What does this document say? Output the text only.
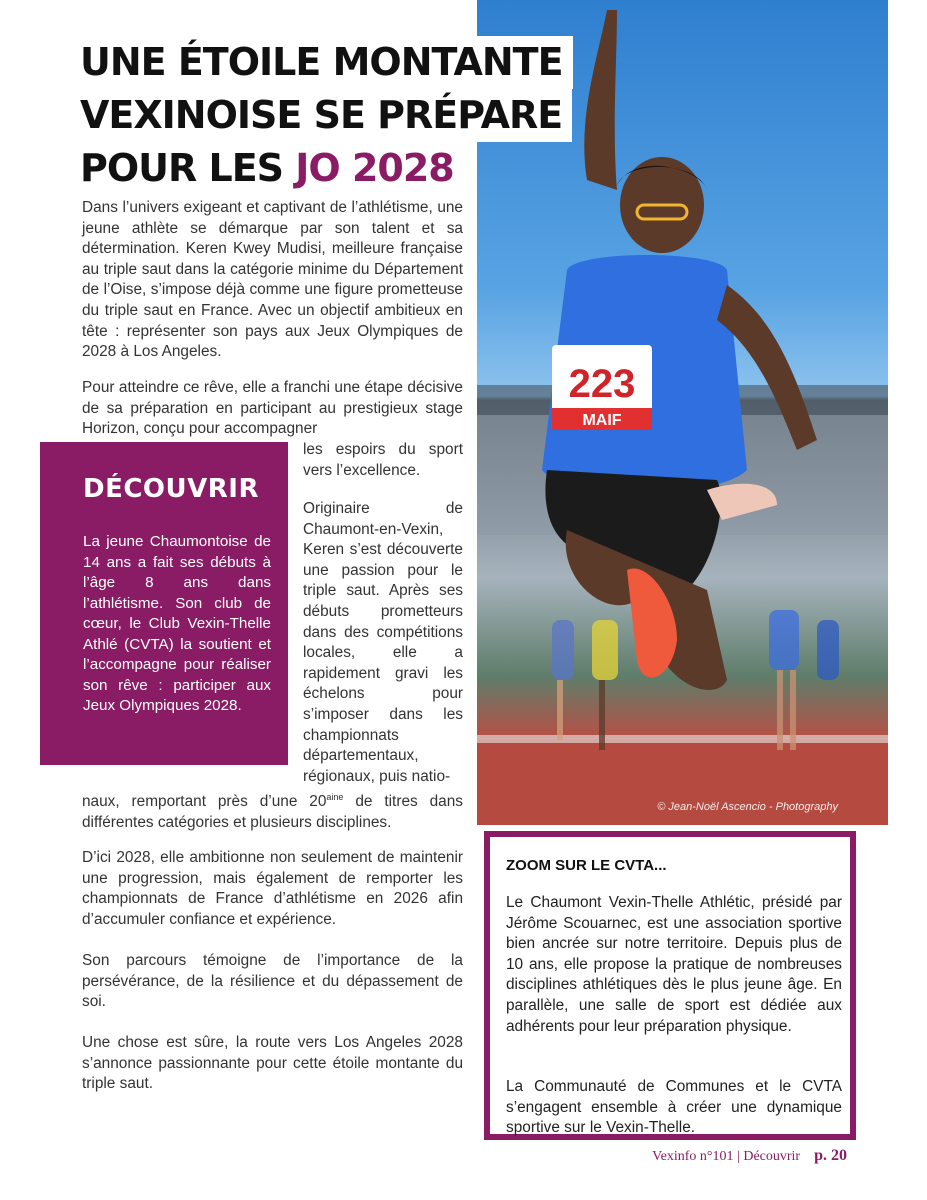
223
MAIF
© Jean-Noël Ascencio - Photography
UNE ÉTOILE MONTANTE
VEXINOISE SE PRÉPARE
POUR LES JO 2028

Dans l’univers exigeant et captivant de l’athlétisme, une jeune athlète se démarque par son talent et sa détermination. Keren Kwey Mudisi, meilleure française au triple saut dans la catégorie minime du Département de l’Oise, s’impose déjà comme une figure prometteuse du triple saut en France. Avec un objectif ambitieux en tête : représenter son pays aux Jeux Olympiques de 2028 à Los Angeles.

Pour atteindre ce rêve, elle a franchi une étape décisive de sa préparation en participant au prestigieux stage Horizon, conçu pour accompagner

les espoirs du sport vers l’excellence.

Originaire de Chaumont-en-Vexin, Keren s’est découverte une passion pour le triple saut. Après ses débuts prometteurs dans des compétitions locales, elle a rapidement gravi les échelons pour s’imposer dans les championnats départementaux, régionaux, puis natio-

naux, remportant près d’une $20^{aine}$ de titres dans différentes catégories et plusieurs disciplines.

D’ici 2028, elle ambitionne non seulement de maintenir une progression, mais également de remporter les championnats de France d’athlétisme en 2026 afin d’accumuler confiance et expérience.

Son parcours témoigne de l’importance de la persévérance, de la résilience et du dépassement de soi.

Une chose est sûre, la route vers Los Angeles 2028 s’annonce passionnante pour cette étoile montante du triple saut.

DÉCOUVRIR

La jeune Chaumontoise de 14 ans a fait ses débuts à l’âge 8 ans dans l’athlétisme. Son club de cœur, le Club Vexin-Thelle Athlé (CVTA) la soutient et l’accompagne pour réaliser son rêve : participer aux Jeux Olympiques 2028.

ZOOM SUR LE CVTA...

Le Chaumont Vexin-Thelle Athlétic, présidé par Jérôme Scouarnec, est une association sportive bien ancrée sur notre territoire. Depuis plus de 10 ans, elle propose la pratique de nombreuses disciplines athlétiques dès le plus jeune âge. En parallèle, une salle de sport est dédiée aux adhérents pour leur préparation physique.

La Communauté de Communes et le CVTA s’engagent ensemble à créer une dynamique sportive sur le Vexin-Thelle.

Vexinfo n°101 | Découvrir p. 20
